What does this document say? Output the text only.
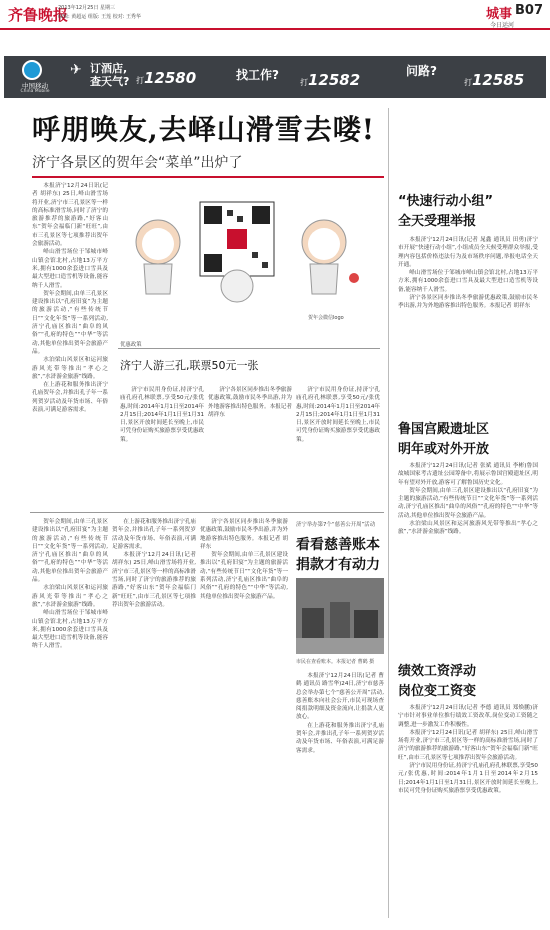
齐鲁晚报
2013年12月25日 星期三
编辑: 黄超运 组版: 王莲 校对: 王秀华	城事 B07
今日运河
中国移动
China Mobile
✈ 订酒店,查天气? 打12580	找工作?
打12582	问路?
打12585
呼朋唤友,去峄山滑雪去喽!
济宁各景区的贺年会“菜单”出炉了

本报济宁12月24日讯(记者 胡祥东) 25日,峄山滑雪场将开业,济宁市三孔景区等一样的高标准滑雪场,同时了济宁的旅游推荐的旅游路,“好客山东”贺年会福临门新“旺旺”,由市三孔景区等七项推荐出贺年会旅游活动。

峄山滑雪场位于邹城市峄山镇会馆北村,占地13万平方米,拥有1000余套进口雪具及最大型进口造雪机等设备,能容纳千人滑雪。

贺年会期间,由单三孔景区建设推出以“孔府旧宴”为主题的旅游活动,“有些传统节日”“文化年货”等一系列活动,济宁孔庙区推出“曲阜的风俗”“孔府的特色”“中华”等活动,其他单位推出贺年会旅游产品。

水泊梁山风景区和运河旅游风光带等推出“孝心之旅”,“水浒游金旅游”线路。

在上游花和服务推出济宁孔庙贺年会,并推出孔子年一系列贺岁活动及年货市场、年俗表演,可满足游客需求。

贺年会微信logo
优惠政策
济宁人游三孔,联票50元一张

济宁市民用身份证,持济宁孔庙孔府孔林联票,享受50元/张优惠,时间:2014年1月1日至2014年2月15日;2014年1月1日至1月31日,景区开放时间延长至晚上,市民可凭身份证购买旅游票享受优惠政策。

济宁各景区同步推出冬季旅游优惠政策,鼓励市民冬季出游,并为外地游客推出特色服务。本报记者 胡祥东

济宁市民用身份证,持济宁孔庙孔府孔林联票,享受50元/张优惠,时间:2014年1月1日至2014年2月15日;2014年1月1日至1月31日,景区开放时间延长至晚上,市民可凭身份证购买旅游票享受优惠政策。

贺年会期间,由单三孔景区建设推出以“孔府旧宴”为主题的旅游活动,“有些传统节日”“文化年货”等一系列活动,济宁孔庙区推出“曲阜的风俗”“孔府的特色”“中华”等活动,其他单位推出贺年会旅游产品。

水泊梁山风景区和运河旅游风光带等推出“孝心之旅”,“水浒游金旅游”线路。

峄山滑雪场位于邹城市峄山镇会馆北村,占地13万平方米,拥有1000余套进口雪具及最大型进口造雪机等设备,能容纳千人滑雪。

在上游花和服务推出济宁孔庙贺年会,并推出孔子年一系列贺岁活动及年货市场、年俗表演,可满足游客需求。

本报济宁12月24日讯(记者 胡祥东) 25日,峄山滑雪场将开业,济宁市三孔景区等一样的高标准滑雪场,同时了济宁的旅游推荐的旅游路,“好客山东”贺年会福临门新“旺旺”,由市三孔景区等七项推荐出贺年会旅游活动。

济宁各景区同步推出冬季旅游优惠政策,鼓励市民冬季出游,并为外地游客推出特色服务。本报记者 胡祥东

贺年会期间,由单三孔景区建设推出以“孔府旧宴”为主题的旅游活动,“有些传统节日”“文化年货”等一系列活动,济宁孔庙区推出“曲阜的风俗”“孔府的特色”“中华”等活动,其他单位推出贺年会旅游产品。

济宁举办第7个“慈善公开周”活动
看看慈善账本
捐款才有动力
市民在查看账本。本报记者 曹鹤 摄

本报济宁12月24日讯(记者 曹鹤 通讯员 路雪华)24日,济宁市慈善总会举办第七个“慈善公开周”活动,慈善账本向社会公开,市民可现场查阅捐款明细及资金流向,让捐款人更放心。

在上游花和服务推出济宁孔庙贺年会,并推出孔子年一系列贺岁活动及年货市场、年俗表演,可满足游客需求。

“快速行动小组”
全天受理举报

本报济宁12月24日讯(记者 晁鑫 通讯员 田勇)济宁市开展“快速行动小组”,小组成员全天候受理群众举报,受理内容包括价格违法行为及市场秩序问题,举报电话全天开通。

峄山滑雪场位于邹城市峄山镇会馆北村,占地13万平方米,拥有1000余套进口雪具及最大型进口造雪机等设备,能容纳千人滑雪。

济宁各景区同步推出冬季旅游优惠政策,鼓励市民冬季出游,并为外地游客推出特色服务。本报记者 胡祥东

鲁国宫殿遗址区
明年或对外开放

本报济宁12月24日讯(记者 张斌 通讯员 李彬)鲁国故城国家考古遗址公园筹备中,将展示鲁国宫殿遗址区,明年有望对外开放,游客可了解鲁国历史文化。

贺年会期间,由单三孔景区建设推出以“孔府旧宴”为主题的旅游活动,“有些传统节日”“文化年货”等一系列活动,济宁孔庙区推出“曲阜的风俗”“孔府的特色”“中华”等活动,其他单位推出贺年会旅游产品。

水泊梁山风景区和运河旅游风光带等推出“孝心之旅”,“水浒游金旅游”线路。

绩效工资浮动
岗位变工资变

本报济宁12月24日讯(记者 李德 通讯员 郑焕鹏)济宁市针对事业单位推行绩效工资改革,岗位变动工资随之调整,进一步激发工作积极性。

本报济宁12月24日讯(记者 胡祥东) 25日,峄山滑雪场将开业,济宁市三孔景区等一样的高标准滑雪场,同时了济宁的旅游推荐的旅游路,“好客山东”贺年会福临门新“旺旺”,由市三孔景区等七项推荐出贺年会旅游活动。

济宁市民用身份证,持济宁孔庙孔府孔林联票,享受50元/张优惠,时间:2014年1月1日至2014年2月15日;2014年1月1日至1月31日,景区开放时间延长至晚上,市民可凭身份证购买旅游票享受优惠政策。
